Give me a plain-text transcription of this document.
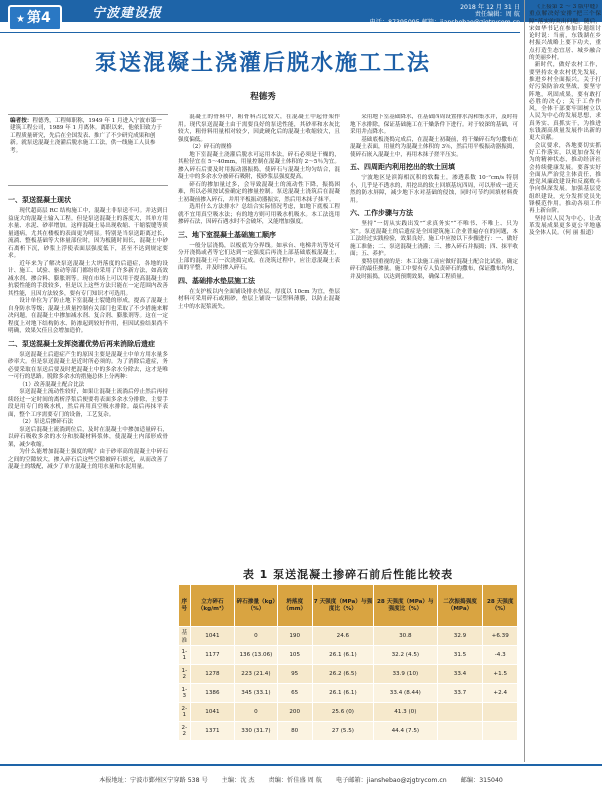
★ 第4版
宁波建设报	2018 年 12 月 31 日
责任编辑：周 航
电话：87395095 邮箱：jianshebao@zjgtrycom.cn
泵送混凝土浇灌后脱水施工工法
程德秀
编者按：程德秀，工程师职称，1949 年 1 月进入宁波市第一建筑工程公司，1989 年 1 月离休。离职以来，他依旧致力于工程质量研究，先后在全国发表、推广了不少研究成果和创新。就泵送混凝土浇灌后脱水施工工法，供一线施工人员参考。
一、泵送混凝土现状

现代超高层 RC 结构施工中，混凝土非泵送不可。并达到日益庞大的混凝土输入工程。但是泵送混凝土的落度大，其单方用水量、水泥、砂率增加。这样混凝土易出现收缩、干缩裂缝等质量通病，尤其在楼板的表面更为明显。特别是当泵送距离过长，流淌、整板基础等大体量部位时，因为板随时间长，混凝土中砂石离析下沉，砂浆上浮使表面层强度低下，甚至不达到规定要求。

近年来为了解决泵送混凝土大坍落度的后遗症，各地的设计、施工、试验、驱动等部门都纷纷采用了许多新方法，如高效减水剂、掺合料、膨胀剂等。现在市场上可以用于提高混凝土的抗裂性能的手段较多，但是以上这些方法只能在一定范围内改善其性能，且因方法较多，要有专门知识才可选用。

设计单位为了防止地下室混凝土裂缝的形成，提高了混凝土自身防水等级；混凝土质量控制有关部门也采取了不少措施来解决问题，在混凝土中掺加减水剂、复合剂、膨胀剂等。这在一定程度上对地下结构防水、防渗起到较好作用，但因试验结果尚不明确，效果欠佳且会增加造价。

二、泵送混凝土发挥浇灌优势后再来消除后遗症

泵送混凝土后遗症产生的原因主要是混凝土中单方用水量多砂率大。但是泵送混凝土是近时所必须的。为了消除后遗症，务必要采取在泵送后要及时把混凝土中的多余水分除去，这才是唯一可行的思路。脱除多余水的措施总体上分两种：

（1）改善混凝土配合比法

泵送混凝土流动性较好，如果让混凝土流淌后停止然后再持续经过一定时间的离析浮浆后便要将表面多余水分排除，主要手段是用专门的吸水机，然后再用真空吸水排除。最后再抹平表面，整个工序需要专门的设备，工艺复杂。

（2）泵送后掺碎石法

泵送后混凝土流淌到位后，及时在混凝土中掺加适量碎石，以碎石吸收多余的水分和胶凝材料浆体，使混凝土内部形成骨架，减少收缩。

为什么能增加混凝土强度的呢？由于砂率高的混凝土中碎石之间的空隙较大，掺入碎石后这些空隙被碎石填充，从而改善了混凝土的级配，减少了单方混凝土的用水量和水泥用量。

混凝土的骨料中，粗骨料占比较大，在混凝土中起骨架作用。现代泵送混凝土由于需要良好的泵送性能，其砂率和水灰比较大，粗骨料用量相对较少，因此硬化后的混凝土收缩较大，且强度偏低。

（2）碎石的规格

地下室混凝土浇灌后脱水可运用本法，碎石必须是干燥的，其粒径宜在 5～40mm，用量控制在混凝土体积的 2～5％为宜。掺入碎石后要及时用振动器振捣，使碎石与混凝土均匀结合，混凝土中的多余水分被碎石吸附，使砂浆层强度提高。

碎石的掺加量过多，会导致混凝土的流动性下降，振捣困难，所以必须按试验确定的掺量控制。泵送混凝土浇筑后在混凝土初凝前掺入碎石，并用平板振动器振实，然后用木抹子抹平。

选用什么方法排水？总结合实际情况考虑，如地下底板工程就不宜用真空吸水法；有的地方则可用吸水机吸水。本工法选用掺碎石法，因碎石遇水时不会破坏，又能增加强度。

三、地下室混凝土基础施工顺序

一般分层浇捣，以板底为分界线。如承台、电梯井坑等处可分开浇捣或者等它们达到一定强度后再浇上部基础底板混凝土，上部的混凝土可一次浇捣完成。在浇筑过程中，应注意混凝土表面的平整，并及时掺入碎石。

四、基础排水垫层施工法

在支护板以内全面铺设排水垫层，厚度以 10cm 为宜，垫层材料可采用碎石或粗砂，垫层上铺设一层塑料薄膜，以防止混凝土中的水泥浆流失。

采用地下室基础降水，在基础四周设置排水沟和集水井，及时将地下水排除，保证基础施工在干燥条件下进行。对于较深的基础，可采用井点降水。

基础底板浇捣完成后，在混凝土初凝前，将干燥碎石均匀撒布在混凝土表面，用量约为混凝土体积的 3％，然后用平板振动器振捣，使碎石嵌入混凝土中，再用木抹子搓平压实。

五、四周距内利用挖出的软土回填

宁波地区是滨海相沉积的软黏土，渗透系数 10⁻⁷cm/s 特别小，几乎是不透水的，用挖出的软土回填基坑四周，可以形成一道天然的防水屏障，减少地下水对基础的侵蚀，同时可节约回填材料费用。

六、工作步骤与方法

坚持“一切从实践出发”“求真务实”“不唯书、不唯上、只为实”。泵送混凝土的后遗症是全国建筑施工企业普遍存在的问题，本工法经过实践检验，效果良好。施工中应按以下步骤进行：一、做好施工准备；二、泵送混凝土浇灌；三、掺入碎石并振捣；四、抹平收面；五、养护。

要特别重视的是：本工法施工前应做好混凝土配合比试验，确定碎石的最佳掺量。施工中要有专人负责碎石的撒布，保证撒布均匀，并及时振捣，以达到预期效果，确保工程质量。

表 1 泵送混凝土掺碎石前后性能比较表
序号	立方碎石（kg/m³）	碎石掺量（kg）（%）	坍落度（mm）	7 天强度（MPa）与强度比（%）	28 天强度（MPa）与强度比（%）	二次振捣强度（MPa）	28 天强度（%）
基准	1041	0	190	24.6	30.8	32.9	+6.39
1-1	1177	136 (13.06)	105	26.1 (6.1)	32.2 (4.5)	31.5	-4.3
1-2	1278	223 (21.4)	95	26.2 (6.5)	33.9 (10)	33.4	+1.5
1-3	1386	345 (33.1)	65	26.1 (6.1)	33.4 (8.44)	33.7	+2.4
2-1	1041	0	200	25.6 (0)	41.3 (0)		
2-2	1371	330 (31.7)	80	27 (5.5)	44.4 (7.5)		

《上接第 2 ～ 3 版中缝》重点解决好安排“把三个保障”落实的突出问题。随后，宋如华书记在参加专题组讨论时说：当前，东钱湖在乡村振兴战略上要下功夫，重点打造生态宜居、城乡融合的美丽乡村。

新时代，做好农村工作，要坚持农业农村优先发展，推进乡村全面振兴。关于打好污染防治攻坚战，要坚守阵地，巩固成果，要有敢打必胜的决心；关于工作作风，全体干部要牢固树立以人民为中心的发展思想，求真务实、真抓实干，为推进东钱湖高质量发展作出新的更大贡献。

会议要求，各地要切实抓好工作落实，以更加奋发有为的精神状态，推动经济社会持续健康发展。要落实好全面从严治党主体责任，推进党风廉政建设和反腐败斗争向纵深发展。加强基层党组织建设，充分发挥党员先锋模范作用。推动各项工作再上新台阶。

坚持以人民为中心，让改革发展成果更多更公平地惠及全体人民。（何 丽 报道）

本报地址：宁波市鄞州区宁穿路 538 号 主编：沈 杰 责编：忻佳盛 周 航 电子邮箱：jianshebao@zjgtrycom.cn 邮编：315040
